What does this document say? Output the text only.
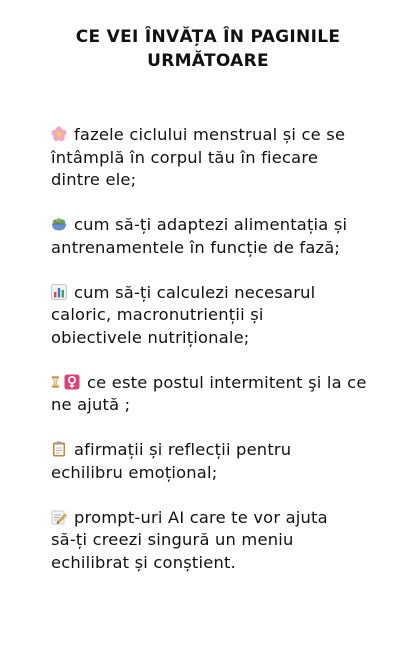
CE VEI ÎNVĂȚA ÎN PAGINILE
URMĂTOARE
fazele ciclului menstrual și ce se
întâmplă în corpul tău în fiecare
dintre ele;
cum să-ți adaptezi alimentația și
antrenamentele în funcție de fază;
cum să-ți calculezi necesarul
caloric, macronutrienții și
obiectivele nutriționale;
ce este postul intermitent şi la ce
ne ajută ;
afirmații și reflecții pentru
echilibru emoțional;
prompt-uri AI care te vor ajuta
să-ți creezi singură un meniu
echilibrat și conștient.
